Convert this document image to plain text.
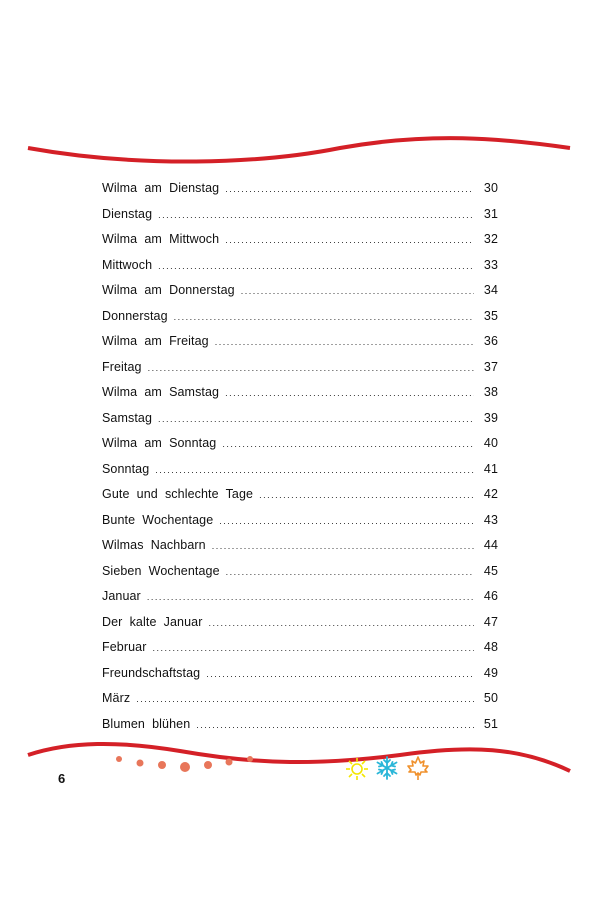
Wilma  am  Dienstag .....	30
Dienstag .....	31
Wilma  am  Mittwoch .....	32
Mittwoch .....	33
Wilma  am  Donnerstag .....	34
Donnerstag .....	35
Wilma  am  Freitag .....	36
Freitag .....	37
Wilma  am  Samstag .....	38
Samstag .....	39
Wilma  am  Sonntag .....	40
Sonntag .....	41
Gute  und  schlechte  Tage .....	42
Bunte  Wochentage .....	43
Wilmas  Nachbarn .....	44
Sieben  Wochentage .....	45
Januar .....	46
Der  kalte  Januar .....	47
Februar .....	48
Freundschaftstag .....	49
März .....	50
Blumen  blühen .....	51
6
